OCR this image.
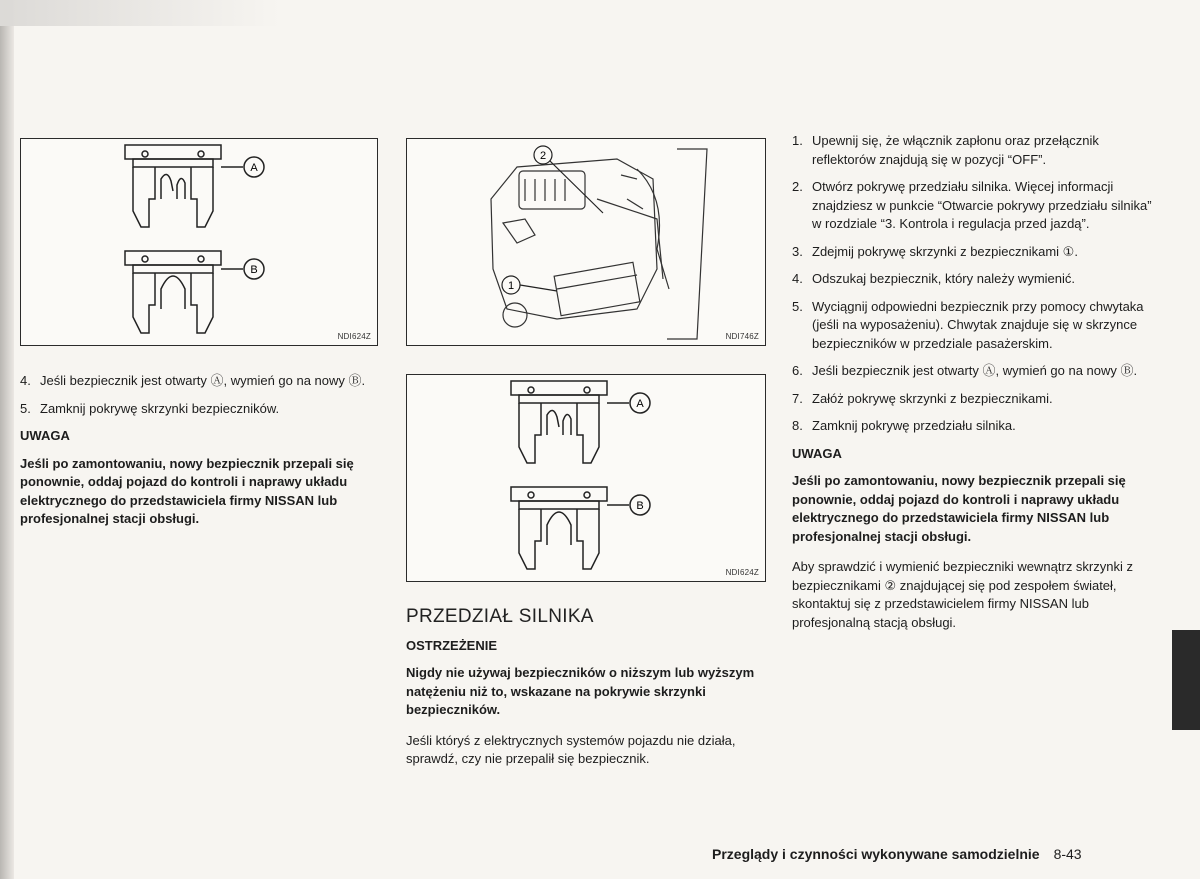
A
B
NDI624Z
4. Jeśli bezpiecznik jest otwarty Ⓐ, wymień go na nowy Ⓑ.
5. Zamknij pokrywę skrzynki bezpieczników.

UWAGA

Jeśli po zamontowaniu, nowy bezpiecznik przepali się ponownie, oddaj pojazd do kontroli i naprawy układu elektrycznego do przedstawiciela firmy NISSAN lub profesjonalnej stacji obsługi.

2
1
NDI746Z
A
B
NDI624Z
PRZEDZIAŁ SILNIKA

OSTRZEŻENIE

Nigdy nie używaj bezpieczników o niższym lub wyższym natężeniu niż to, wskazane na pokrywie skrzynki bezpieczników.

Jeśli któryś z elektrycznych systemów pojazdu nie działa, sprawdź, czy nie przepalił się bezpiecznik.

1. Upewnij się, że włącznik zapłonu oraz przełącznik reflektorów znajdują się w pozycji “OFF”.
2. Otwórz pokrywę przedziału silnika. Więcej informacji znajdziesz w punkcie “Otwarcie pokrywy przedziału silnika” w rozdziale “3. Kontrola i regulacja przed jazdą”.
3. Zdejmij pokrywę skrzynki z bezpiecznikami ①.
4. Odszukaj bezpiecznik, który należy wymienić.
5. Wyciągnij odpowiedni bezpiecznik przy pomocy chwytaka (jeśli na wyposażeniu). Chwytak znajduje się w skrzynce bezpieczników w przedziale pasażerskim.
6. Jeśli bezpiecznik jest otwarty Ⓐ, wymień go na nowy Ⓑ.
7. Załóż pokrywę skrzynki z bezpiecznikami.
8. Zamknij pokrywę przedziału silnika.

UWAGA

Jeśli po zamontowaniu, nowy bezpiecznik przepali się ponownie, oddaj pojazd do kontroli i naprawy układu elektrycznego do przedstawiciela firmy NISSAN lub profesjonalnej stacji obsługi.

Aby sprawdzić i wymienić bezpieczniki wewnątrz skrzynki z bezpiecznikami ② znajdującej się pod zespołem świateł, skontaktuj się z przedstawicielem firmy NISSAN lub profesjonalną stacją obsługi.

Przeglądy i czynności wykonywane samodzielnie 8-43
